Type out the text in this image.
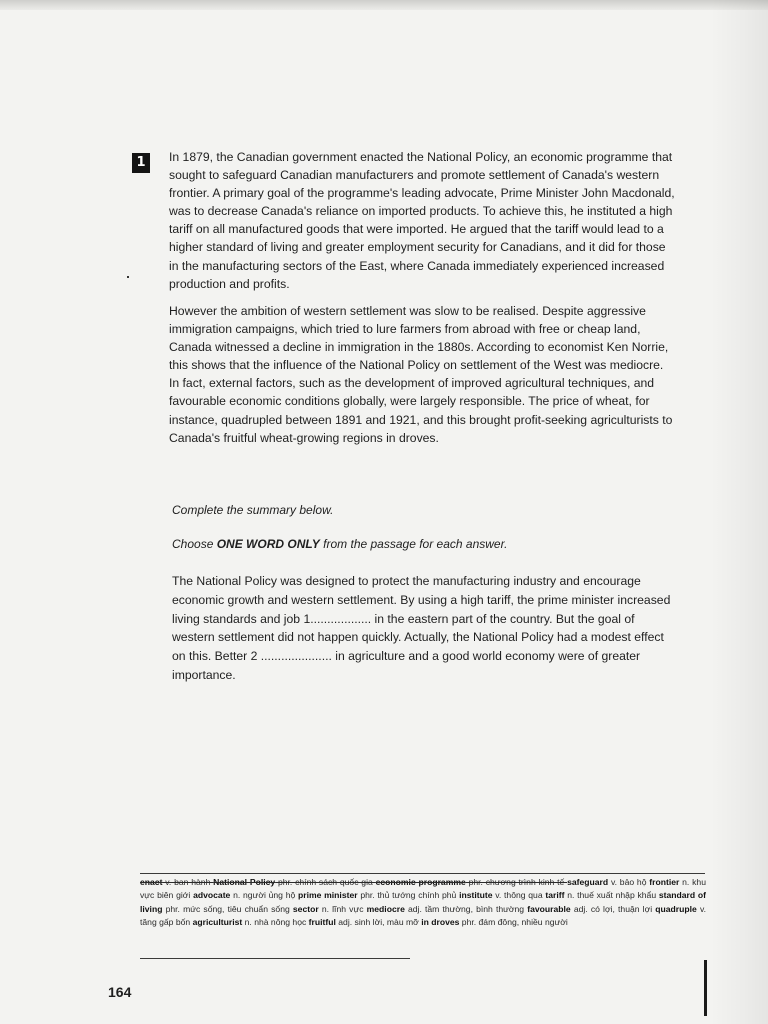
1	In 1879, the Canadian government enacted the National Policy, an economic programme that sought to safeguard Canadian manufacturers and promote settlement of Canada's western frontier. A primary goal of the programme's leading advocate, Prime Minister John Macdonald, was to decrease Canada's reliance on imported products. To achieve this, he instituted a high tariff on all manufactured goods that were imported. He argued that the tariff would lead to a higher standard of living and greater employment security for Canadians, and it did for those in the manufacturing sectors of the East, where Canada immediately experienced increased production and profits.

However the ambition of western settlement was slow to be realised. Despite aggressive immigration campaigns, which tried to lure farmers from abroad with free or cheap land, Canada witnessed a decline in immigration in the 1880s. According to economist Ken Norrie, this shows that the influence of the National Policy on settlement of the West was mediocre. In fact, external factors, such as the development of improved agricultural techniques, and favourable economic conditions globally, were largely responsible. The price of wheat, for instance, quadrupled between 1891 and 1921, and this brought profit-seeking agriculturists to Canada's fruitful wheat-growing regions in droves.

Complete the summary below.

Choose ONE WORD ONLY from the passage for each answer.

The National Policy was designed to protect the manufacturing industry and encourage economic growth and western settlement. By using a high tariff, the prime minister increased living standards and job 1.................. in the eastern part of the country. But the goal of western settlement did not happen quickly. Actually, the National Policy had a modest effect on this. Better 2 ..................... in agriculture and a good world economy were of greater importance.

enact v. ban hành National Policy phr. chính sách quốc gia economic programme phr. chương trình kinh tế safeguard v. bảo hộ frontier n. khu vực biên giới advocate n. người ủng hộ prime minister phr. thủ tướng chính phủ institute v. thông qua tariff n. thuế xuất nhập khẩu standard of living phr. mức sống, tiêu chuẩn sống sector n. lĩnh vực mediocre adj. tầm thường, bình thường favourable adj. có lợi, thuận lợi quadruple v. tăng gấp bốn agriculturist n. nhà nông học fruitful adj. sinh lời, màu mỡ in droves phr. đám đông, nhiều người

164
